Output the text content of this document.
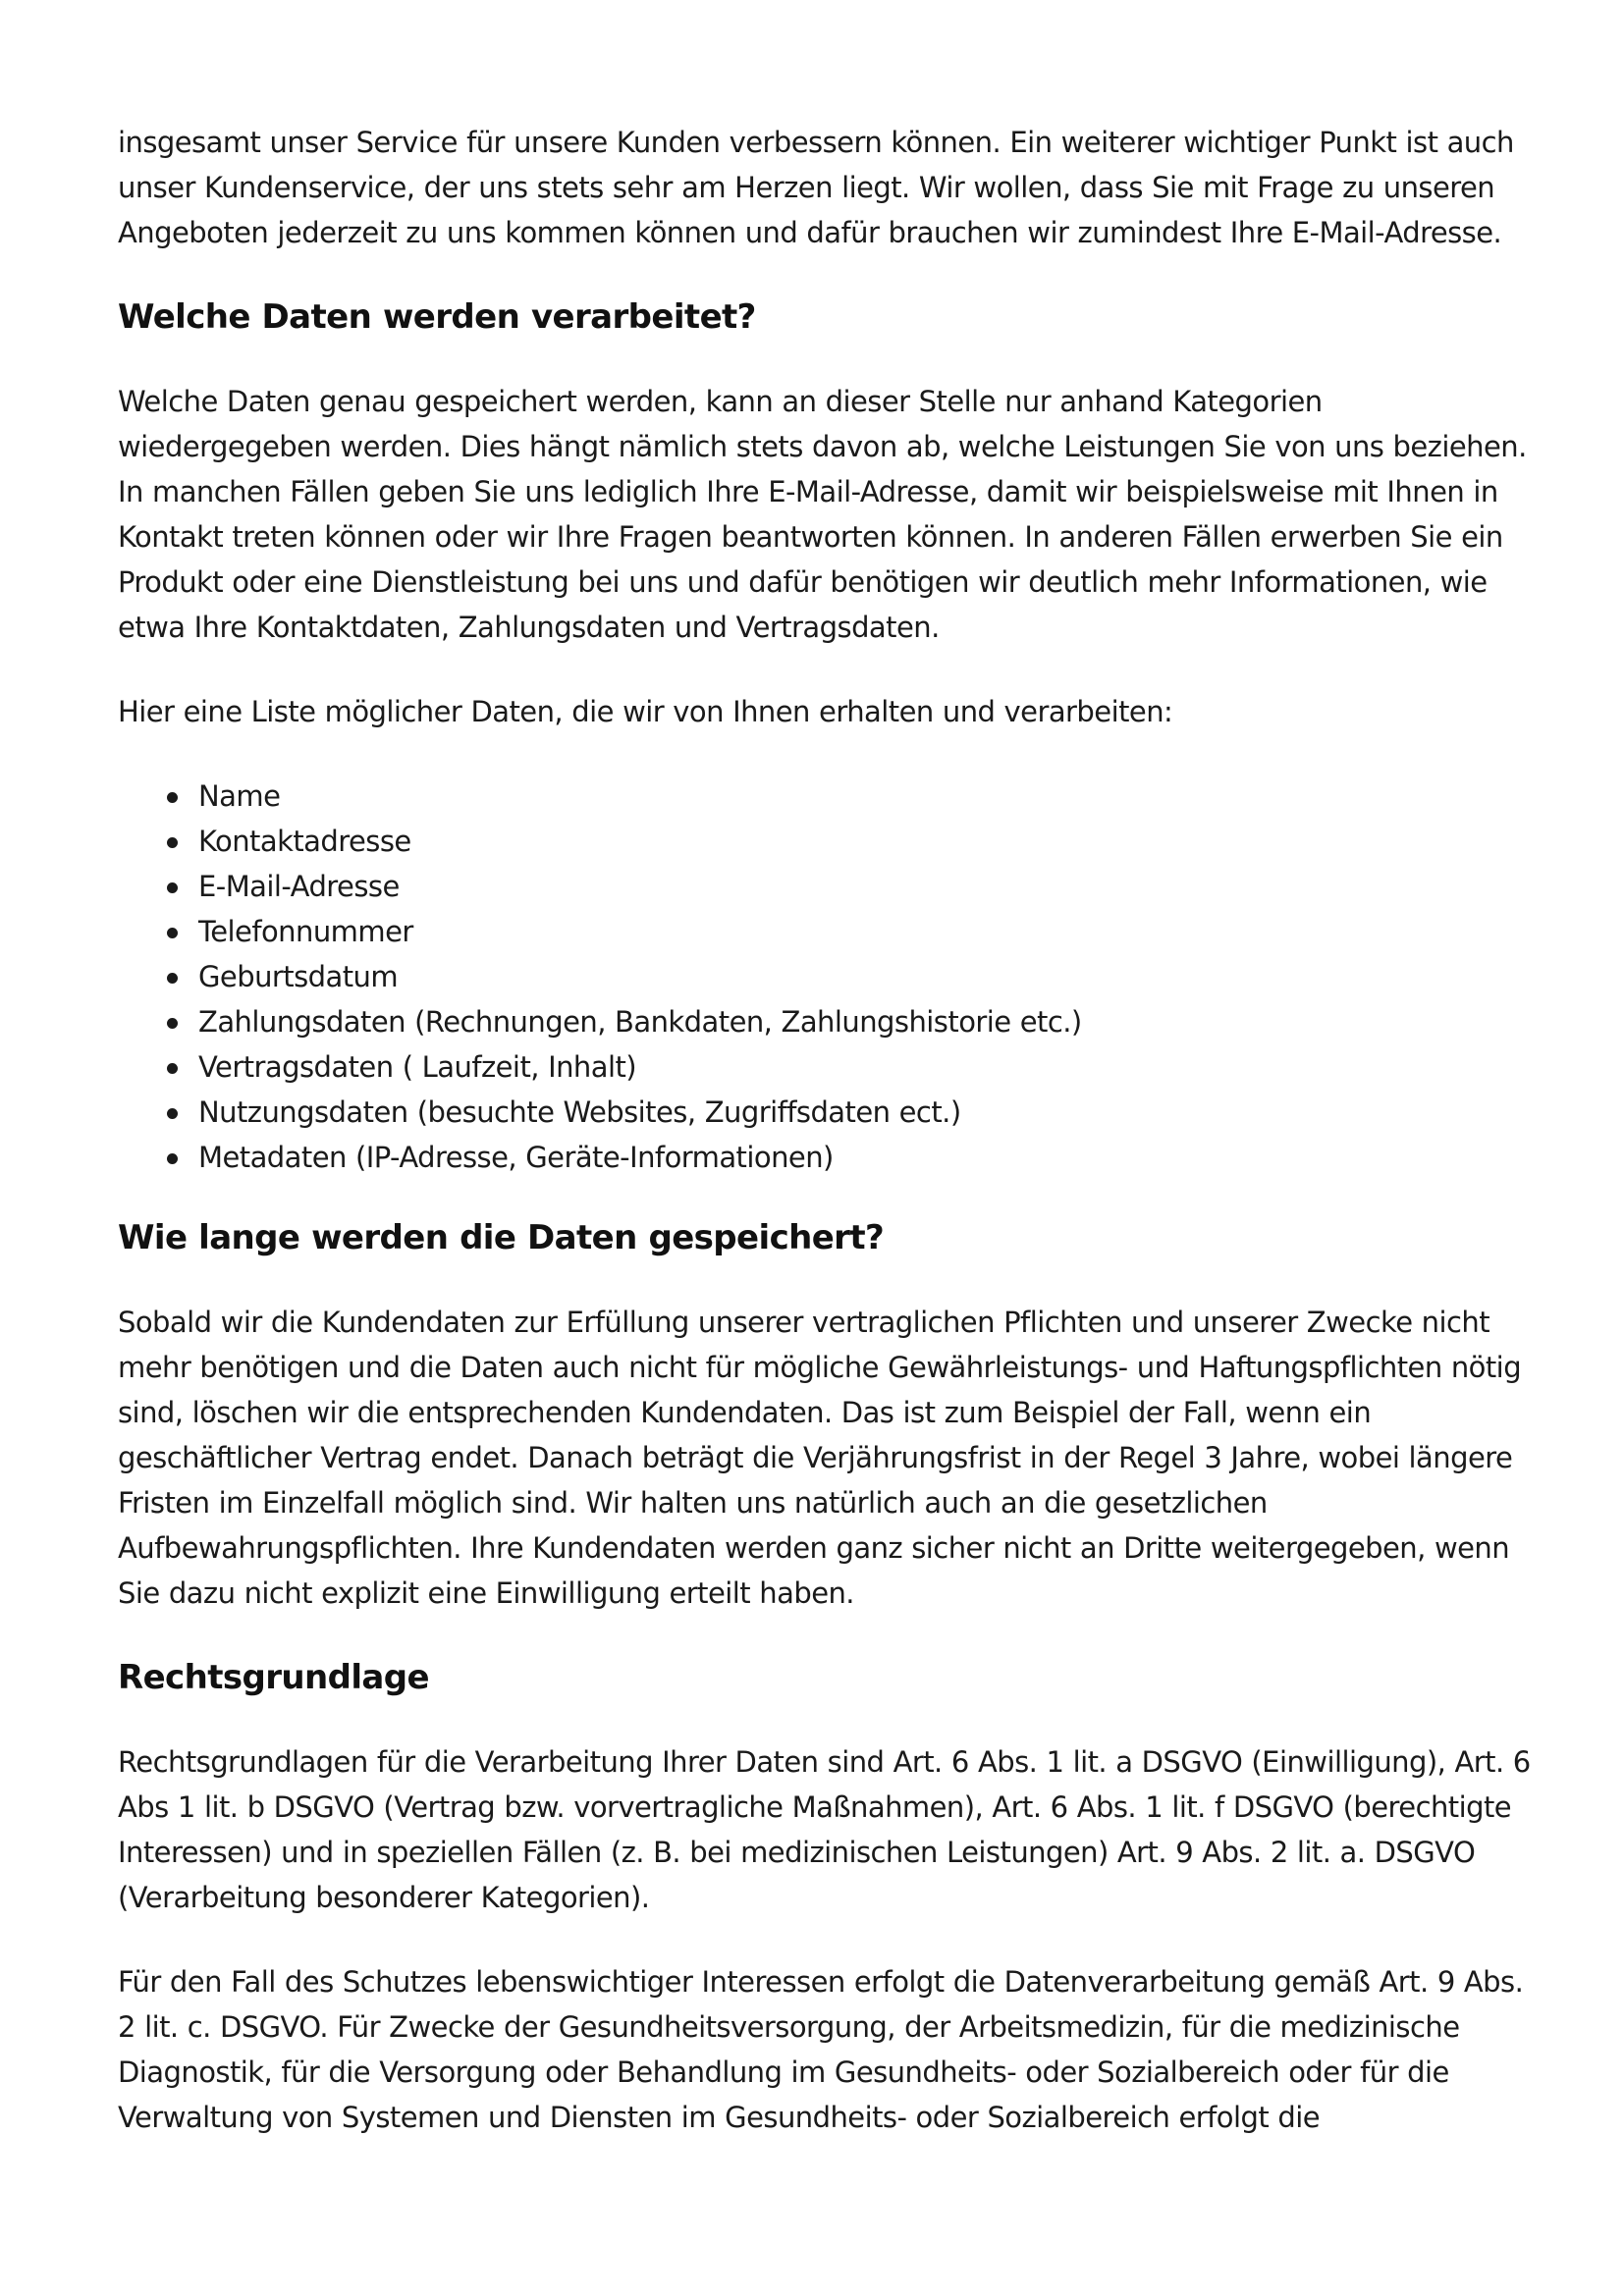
insgesamt unser Service für unsere Kunden verbessern können. Ein weiterer wichtiger Punkt ist auch unser Kundenservice, der uns stets sehr am Herzen liegt. Wir wollen, dass Sie mit Frage zu unseren Angeboten jederzeit zu uns kommen können und dafür brauchen wir zumindest Ihre E-Mail-Adresse.

Welche Daten werden verarbeitet?

Welche Daten genau gespeichert werden, kann an dieser Stelle nur anhand Kategorien wiedergegeben werden. Dies hängt nämlich stets davon ab, welche Leistungen Sie von uns beziehen. In manchen Fällen geben Sie uns lediglich Ihre E-Mail-Adresse, damit wir beispielsweise mit Ihnen in Kontakt treten können oder wir Ihre Fragen beantworten können. In anderen Fällen erwerben Sie ein Produkt oder eine Dienstleistung bei uns und dafür benötigen wir deutlich mehr Informationen, wie etwa Ihre Kontaktdaten, Zahlungsdaten und Vertragsdaten.

Hier eine Liste möglicher Daten, die wir von Ihnen erhalten und verarbeiten:

Name
Kontaktadresse
E-Mail-Adresse
Telefonnummer
Geburtsdatum
Zahlungsdaten (Rechnungen, Bankdaten, Zahlungshistorie etc.)
Vertragsdaten ( Laufzeit, Inhalt)
Nutzungsdaten (besuchte Websites, Zugriffsdaten ect.)
Metadaten (IP-Adresse, Geräte-Informationen)
Wie lange werden die Daten gespeichert?

Sobald wir die Kundendaten zur Erfüllung unserer vertraglichen Pflichten und unserer Zwecke nicht mehr benötigen und die Daten auch nicht für mögliche Gewährleistungs- und Haftungspflichten nötig sind, löschen wir die entsprechenden Kundendaten. Das ist zum Beispiel der Fall, wenn ein geschäftlicher Vertrag endet. Danach beträgt die Verjährungsfrist in der Regel 3 Jahre, wobei längere Fristen im Einzelfall möglich sind. Wir halten uns natürlich auch an die gesetzlichen Aufbewahrungspflichten. Ihre Kundendaten werden ganz sicher nicht an Dritte weitergegeben, wenn Sie dazu nicht explizit eine Einwilligung erteilt haben.

Rechtsgrundlage

Rechtsgrundlagen für die Verarbeitung Ihrer Daten sind Art. 6 Abs. 1 lit. a DSGVO (Einwilligung), Art. 6 Abs 1 lit. b DSGVO (Vertrag bzw. vorvertragliche Maßnahmen), Art. 6 Abs. 1 lit. f DSGVO (berechtigte Interessen) und in speziellen Fällen (z. B. bei medizinischen Leistungen) Art. 9 Abs. 2 lit. a. DSGVO (Verarbeitung besonderer Kategorien).

Für den Fall des Schutzes lebenswichtiger Interessen erfolgt die Datenverarbeitung gemäß Art. 9 Abs. 2 lit. c. DSGVO. Für Zwecke der Gesundheitsversorgung, der Arbeitsmedizin, für die medizinische Diagnostik, für die Versorgung oder Behandlung im Gesundheits- oder Sozialbereich oder für die Verwaltung von Systemen und Diensten im Gesundheits- oder Sozialbereich erfolgt die
